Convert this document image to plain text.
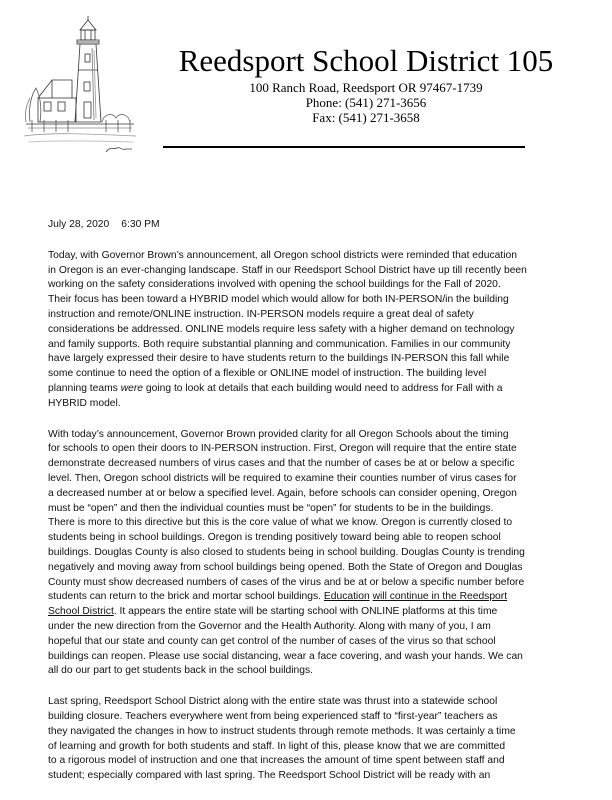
Reedsport School District 105
100 Ranch Road, Reedsport OR 97467-1739
Phone: (541) 271-3656
Fax: (541) 271-3658

July 28, 2020 6:30 PM

Today, with Governor Brown’s announcement, all Oregon school districts were reminded that education
in Oregon is an ever-changing landscape. Staff in our Reedsport School District have up till recently been
working on the safety considerations involved with opening the school buildings for the Fall of 2020.
Their focus has been toward a HYBRID model which would allow for both IN-PERSON/in the building
instruction and remote/ONLINE instruction. IN-PERSON models require a great deal of safety
considerations be addressed. ONLINE models require less safety with a higher demand on technology
and family supports. Both require substantial planning and communication. Families in our community
have largely expressed their desire to have students return to the buildings IN-PERSON this fall while
some continue to need the option of a flexible or ONLINE model of instruction. The building level
planning teams were going to look at details that each building would need to address for Fall with a
HYBRID model.

With today’s announcement, Governor Brown provided clarity for all Oregon Schools about the timing
for schools to open their doors to IN-PERSON instruction. First, Oregon will require that the entire state
demonstrate decreased numbers of virus cases and that the number of cases be at or below a specific
level. Then, Oregon school districts will be required to examine their counties number of virus cases for
a decreased number at or below a specified level. Again, before schools can consider opening, Oregon
must be “open” and then the individual counties must be “open” for students to be in the buildings.
There is more to this directive but this is the core value of what we know. Oregon is currently closed to
students being in school buildings. Oregon is trending positively toward being able to reopen school
buildings. Douglas County is also closed to students being in school building. Douglas County is trending
negatively and moving away from school buildings being opened. Both the State of Oregon and Douglas
County must show decreased numbers of cases of the virus and be at or below a specific number before
students can return to the brick and mortar school buildings. Education will continue in the Reedsport
School District. It appears the entire state will be starting school with ONLINE platforms at this time
under the new direction from the Governor and the Health Authority. Along with many of you, I am
hopeful that our state and county can get control of the number of cases of the virus so that school
buildings can reopen. Please use social distancing, wear a face covering, and wash your hands. We can
all do our part to get students back in the school buildings.

Last spring, Reedsport School District along with the entire state was thrust into a statewide school
building closure. Teachers everywhere went from being experienced staff to “first-year” teachers as
they navigated the changes in how to instruct students through remote methods. It was certainly a time
of learning and growth for both students and staff. In light of this, please know that we are committed
to a rigorous model of instruction and one that increases the amount of time spent between staff and
student; especially compared with last spring. The Reedsport School District will be ready with an
